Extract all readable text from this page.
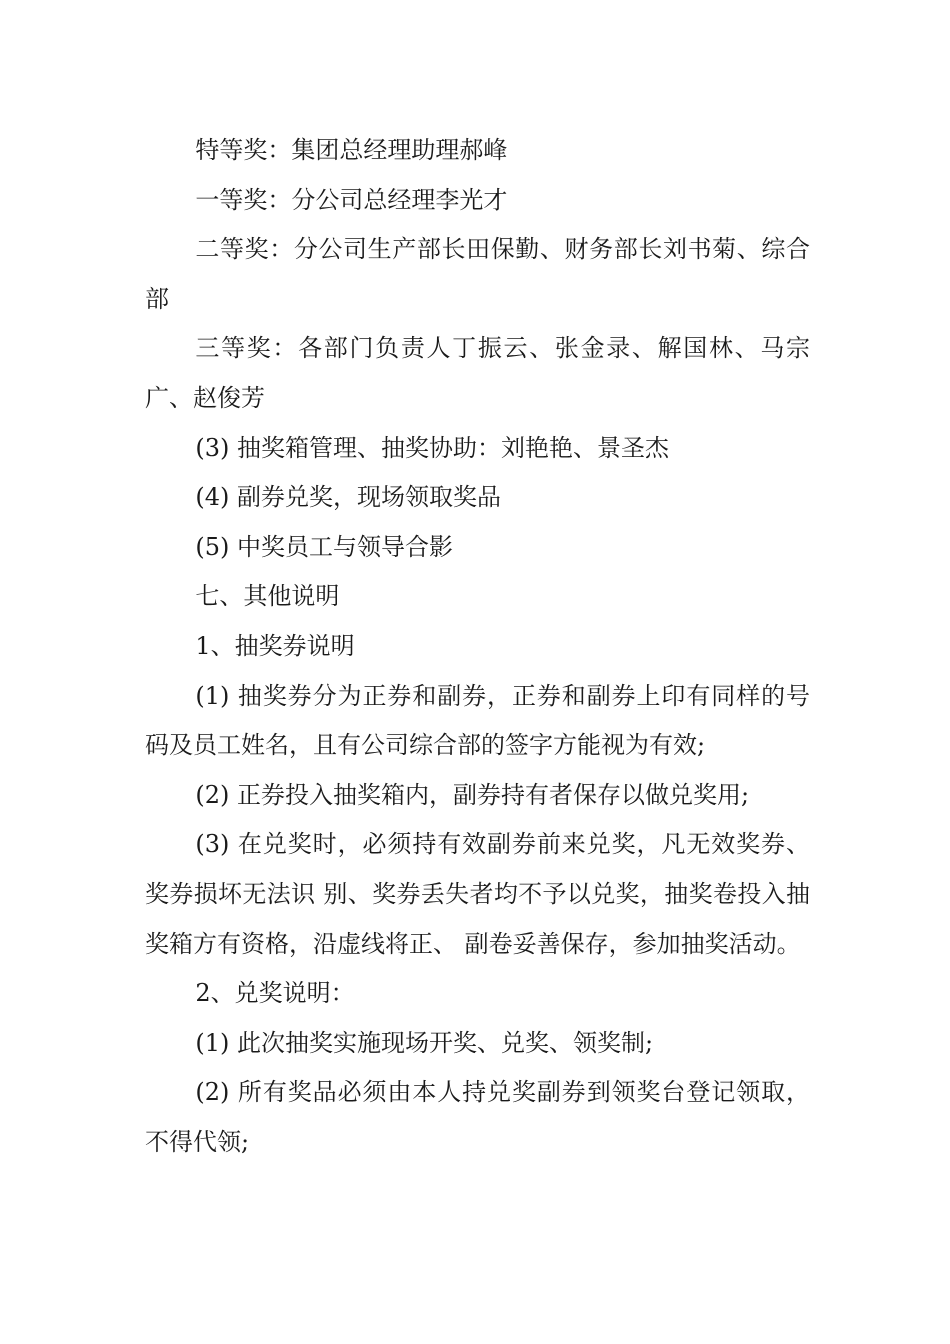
特等奖：集团总经理助理郝峰

一等奖：分公司总经理李光才

二等奖：分公司生产部长田保勤、财务部长刘书菊、综合部

三等奖：各部门负责人丁振云、张金录、解国林、马宗广、赵俊芳

(3) 抽奖箱管理、抽奖协助：刘艳艳、景圣杰

(4) 副券兑奖，现场领取奖品

(5) 中奖员工与领导合影

七、其他说明

1、抽奖券说明

(1) 抽奖券分为正券和副券，正券和副券上印有同样的号码及员工姓名，且有公司综合部的签字方能视为有效;

(2) 正券投入抽奖箱内，副券持有者保存以做兑奖用;

(3) 在兑奖时，必须持有效副券前来兑奖，凡无效奖券、奖券损坏无法识 别、奖券丢失者均不予以兑奖，抽奖卷投入抽奖箱方有资格，沿虚线将正、 副卷妥善保存，参加抽奖活动。

2、兑奖说明：

(1) 此次抽奖实施现场开奖、兑奖、领奖制;

(2) 所有奖品必须由本人持兑奖副券到领奖台登记领取，不得代领;
